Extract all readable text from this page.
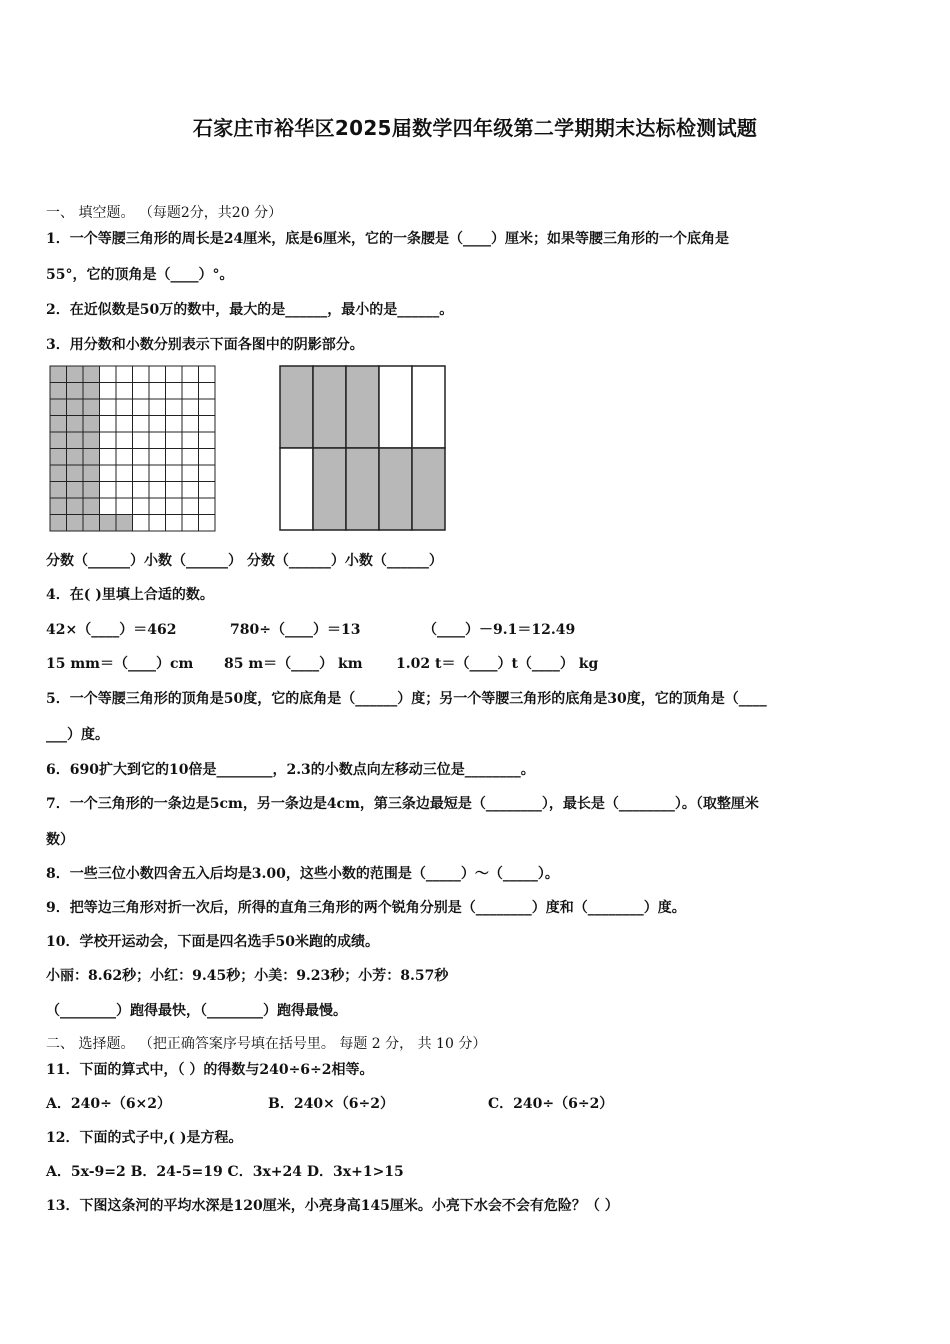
石家庄市裕华区2025届数学四年级第二学期期末达标检测试题
一、 填空题。 （每题2分，共20 分）
1．一个等腰三角形的周长是24厘米，底是6厘米，它的一条腰是（____）厘米；如果等腰三角形的一个底角是
55°，它的顶角是（____）°。
2．在近似数是50万的数中，最大的是______，最小的是______。
3．用分数和小数分别表示下面各图中的阴影部分。
分数（______）小数（______） 分数（______）小数（______）
4．在( )里填上合适的数。
42×（____）＝462	780÷（____）＝13	（____）－9.1＝12.49
15 mm＝（____）cm 85 m＝（____） km 1.02 t＝（____）t（____） kg
5．一个等腰三角形的顶角是50度，它的底角是（______）度；另一个等腰三角形的底角是30度，它的顶角是（____
___）度。
6．690扩大到它的10倍是________，2.3的小数点向左移动三位是________。
7．一个三角形的一条边是5cm，另一条边是4cm，第三条边最短是（________），最长是（________）。（取整厘米
数）
8．一些三位小数四舍五入后均是3.00，这些小数的范围是（_____）～（_____）。
9．把等边三角形对折一次后，所得的直角三角形的两个锐角分别是（________）度和（________）度。
10．学校开运动会，下面是四名选手50米跑的成绩。
小丽：8.62秒；小红：9.45秒；小美：9.23秒；小芳：8.57秒
（________）跑得最快，（________）跑得最慢。
二、 选择题。 （把正确答案序号填在括号里。 每题 2 分， 共 10 分）
11．下面的算式中，（ ）的得数与240÷6÷2相等。
A．240÷（6×2）	B．240×（6÷2）	C．240÷（6÷2）
12．下面的式子中,( )是方程。
A．5x-9=2 B．24-5=19 C．3x+24 D．3x+1>15
13．下图这条河的平均水深是120厘米，小亮身高145厘米。小亮下水会不会有危险？（ ）
